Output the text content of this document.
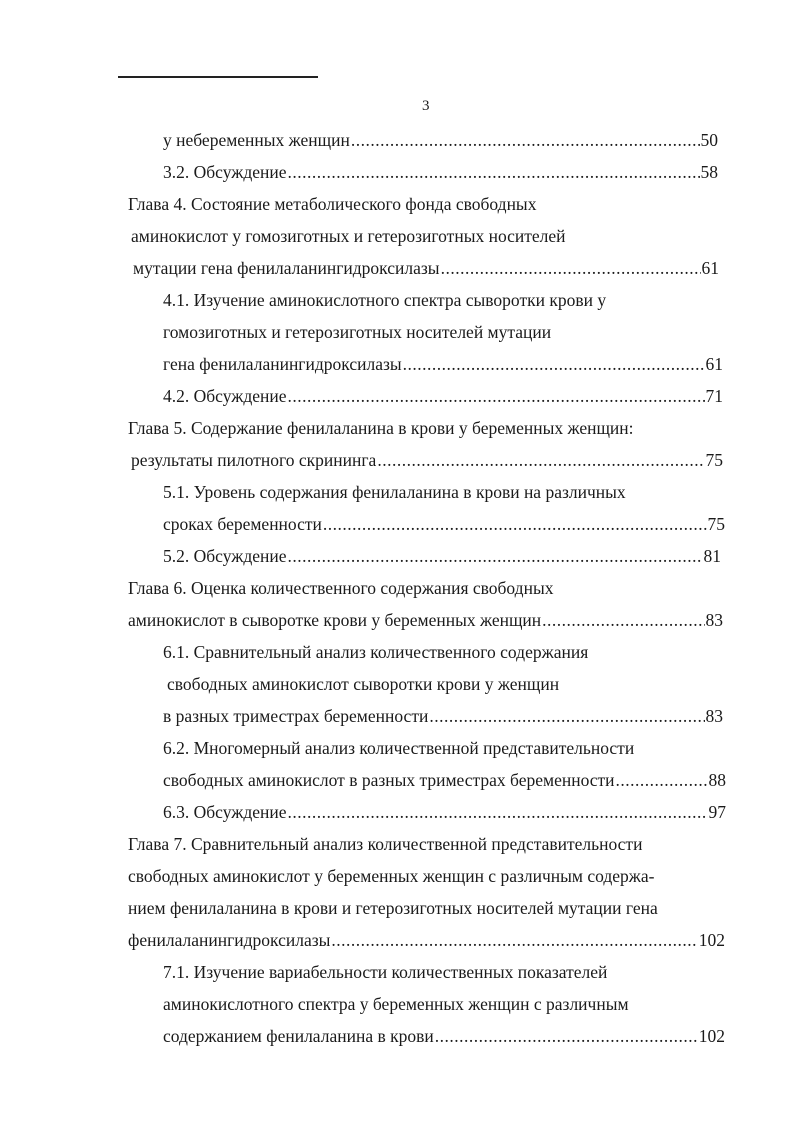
3
у небеременных женщин .....	50
3.2. Обсуждение .....	58
Глава 4. Состояние метаболического фонда свободных
аминокислот у гомозиготных и гетерозиготных носителей
мутации гена фенилаланингидроксилазы .....	61
4.1. Изучение аминокислотного спектра сыворотки крови у
гомозиготных и гетерозиготных носителей мутации
гена фенилаланингидроксилазы .....	61
4.2. Обсуждение .....	71
Глава 5. Содержание фенилаланина в крови у беременных женщин:
результаты пилотного скрининга .....	75
5.1. Уровень содержания фенилаланина в крови на различных
сроках беременности .....	75
5.2. Обсуждение .....	81
Глава 6. Оценка количественного содержания свободных
аминокислот в сыворотке крови у беременных женщин .....	83
6.1. Сравнительный анализ количественного содержания
свободных аминокислот сыворотки крови у женщин
в разных триместрах беременности .....	83
6.2. Многомерный анализ количественной представительности
свободных аминокислот в разных триместрах беременности .....	88
6.3. Обсуждение .....	97
Глава 7. Сравнительный анализ количественной представительности
свободных аминокислот у беременных женщин с различным содержа-
нием фенилаланина в крови и гетерозиготных носителей мутации гена
фенилаланингидроксилазы .....	102
7.1. Изучение вариабельности количественных показателей
аминокислотного спектра у беременных женщин с различным
содержанием фенилаланина в крови .....	102
